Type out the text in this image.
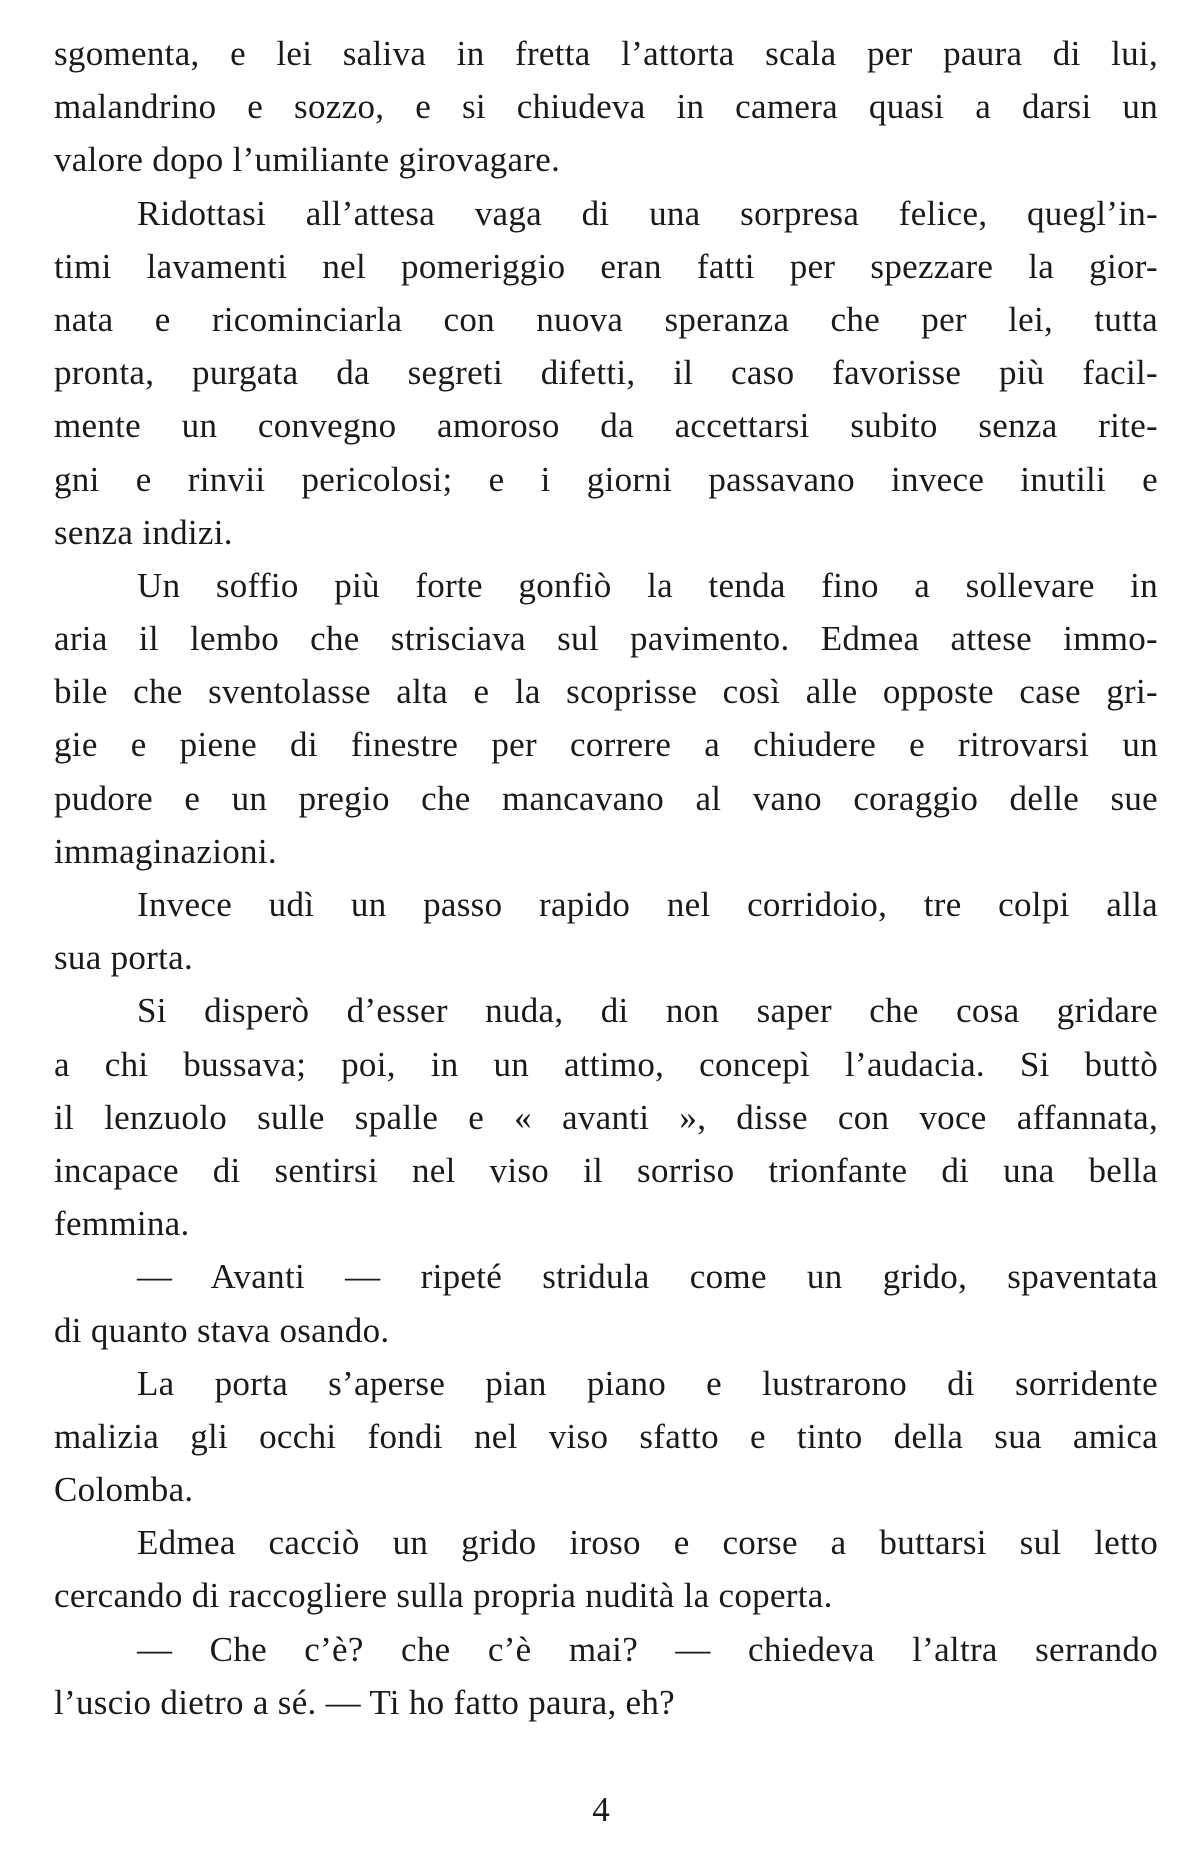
sgomenta, e lei saliva in fretta l’attorta scala per paura di lui,
malandrino e sozzo, e si chiudeva in camera quasi a darsi un
valore dopo l’umiliante girovagare.
Ridottasi all’attesa vaga di una sorpresa felice, quegl’in-
timi lavamenti nel pomeriggio eran fatti per spezzare la gior-
nata e ricominciarla con nuova speranza che per lei, tutta
pronta, purgata da segreti difetti, il caso favorisse più facil-
mente un convegno amoroso da accettarsi subito senza rite-
gni e rinvii pericolosi; e i giorni passavano invece inutili e
senza indizi.
Un soffio più forte gonfiò la tenda fino a sollevare in
aria il lembo che strisciava sul pavimento. Edmea attese immo-
bile che sventolasse alta e la scoprisse così alle opposte case gri-
gie e piene di finestre per correre a chiudere e ritrovarsi un
pudore e un pregio che mancavano al vano coraggio delle sue
immaginazioni.
Invece udì un passo rapido nel corridoio, tre colpi alla
sua porta.
Si disperò d’esser nuda, di non saper che cosa gridare
a chi bussava; poi, in un attimo, concepì l’audacia. Si buttò
il lenzuolo sulle spalle e « avanti », disse con voce affannata,
incapace di sentirsi nel viso il sorriso trionfante di una bella
femmina.
— Avanti — ripeté stridula come un grido, spaventata
di quanto stava osando.
La porta s’aperse pian piano e lustrarono di sorridente
malizia gli occhi fondi nel viso sfatto e tinto della sua amica
Colomba.
Edmea cacciò un grido iroso e corse a buttarsi sul letto
cercando di raccogliere sulla propria nudità la coperta.
— Che c’è? che c’è mai? — chiedeva l’altra serrando
l’uscio dietro a sé. — Ti ho fatto paura, eh?
4
